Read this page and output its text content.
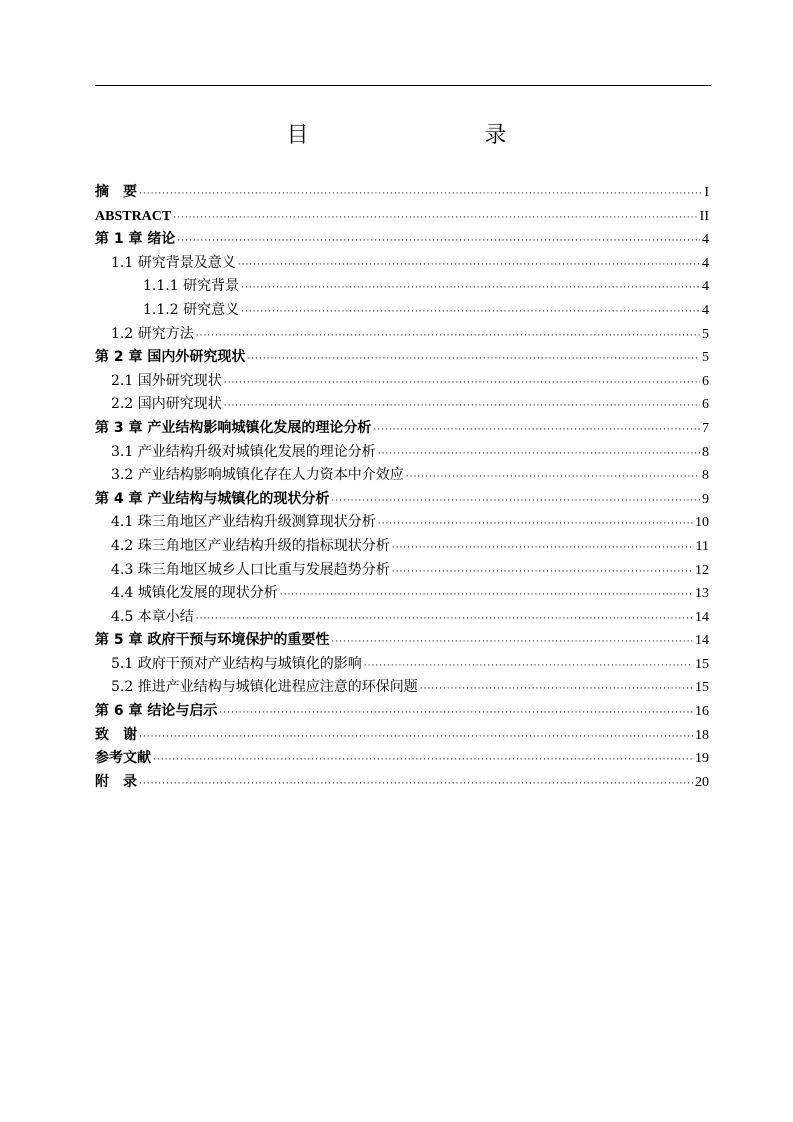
目　　录
摘　要 ·····	I
ABSTRACT ·····	II
第 1 章 绪论 ·····	4
1.1 研究背景及意义 ·····	4
1.1.1 研究背景 ·····	4
1.1.2 研究意义 ·····	4
1.2 研究方法 ·····	5
第 2 章 国内外研究现状 ·····	5
2.1 国外研究现状 ·····	6
2.2 国内研究现状 ·····	6
第 3 章 产业结构影响城镇化发展的理论分析 ·····	7
3.1 产业结构升级对城镇化发展的理论分析 ·····	8
3.2 产业结构影响城镇化存在人力资本中介效应 ·····	8
第 4 章 产业结构与城镇化的现状分析 ·····	9
4.1 珠三角地区产业结构升级测算现状分析 ·····	10
4.2 珠三角地区产业结构升级的指标现状分析 ·····	11
4.3 珠三角地区城乡人口比重与发展趋势分析 ·····	12
4.4 城镇化发展的现状分析 ·····	13
4.5 本章小结 ·····	14
第 5 章 政府干预与环境保护的重要性 ·····	14
5.1 政府干预对产业结构与城镇化的影响 ·····	15
5.2 推进产业结构与城镇化进程应注意的环保问题 ·····	15
第 6 章 结论与启示 ·····	16
致　谢 ·····	18
参考文献 ·····	19
附　录 ·····	20
